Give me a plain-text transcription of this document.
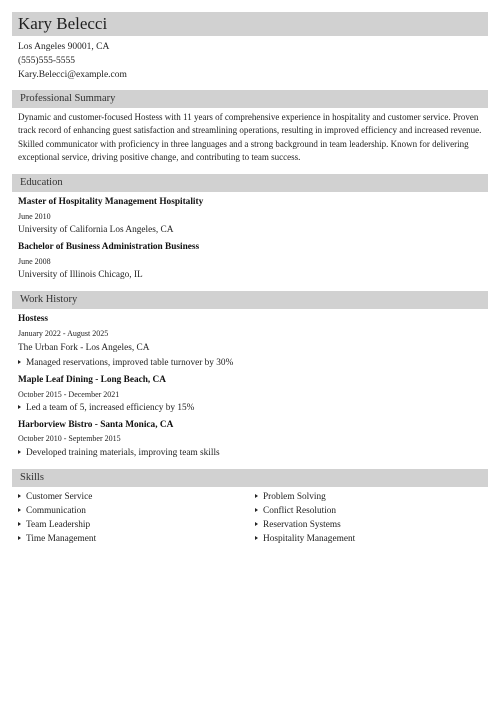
Kary Belecci
Los Angeles 90001, CA
(555)555-5555
Kary.Belecci@example.com
Professional Summary
Dynamic and customer-focused Hostess with 11 years of comprehensive experience in hospitality and customer service. Proven track record of enhancing guest satisfaction and streamlining operations, resulting in improved efficiency and increased revenue. Skilled communicator with proficiency in three languages and a strong background in team leadership. Known for delivering exceptional service, driving positive change, and contributing to team success.
Education
Master of Hospitality Management Hospitality
June 2010
University of California Los Angeles, CA
Bachelor of Business Administration Business
June 2008
University of Illinois Chicago, IL
Work History
Hostess
January 2022 - August 2025
The Urban Fork - Los Angeles, CA
Managed reservations, improved table turnover by 30%
Maple Leaf Dining - Long Beach, CA
October 2015 - December 2021
Led a team of 5, increased efficiency by 15%
Harborview Bistro - Santa Monica, CA
October 2010 - September 2015
Developed training materials, improving team skills
Skills
Customer Service
Communication
Team Leadership
Time Management
Problem Solving
Conflict Resolution
Reservation Systems
Hospitality Management
